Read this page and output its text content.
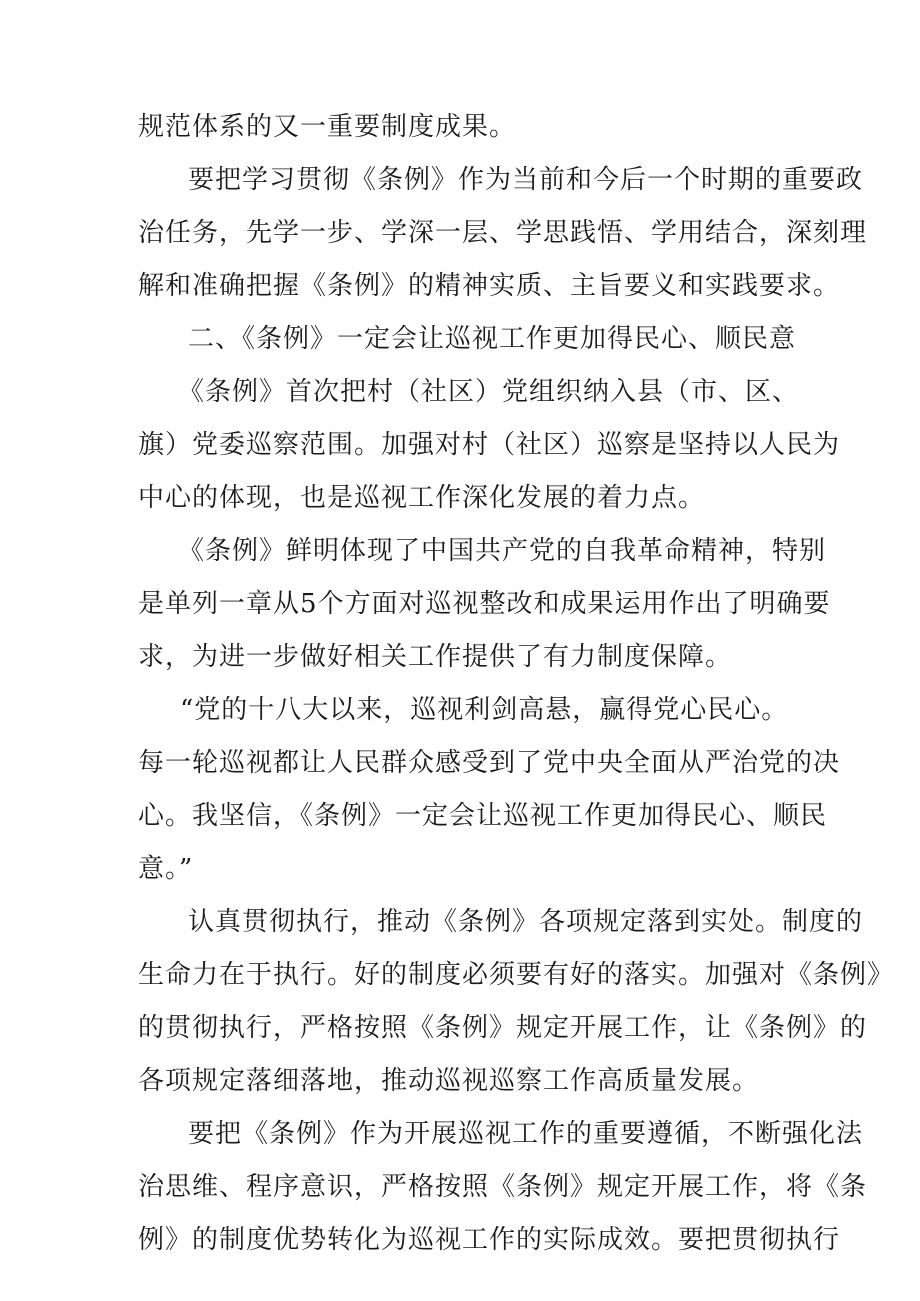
规范体系的又一重要制度成果。
要把学习贯彻《条例》作为当前和今后一个时期的重要政
治任务，先学一步、学深一层、学思践悟、学用结合，深刻理
解和准确把握《条例》的精神实质、主旨要义和实践要求。
二、《条例》一定会让巡视工作更加得民心、顺民意
《条例》首次把村（社区）党组织纳入县（市、区、
旗）党委巡察范围。加强对村（社区）巡察是坚持以人民为
中心的体现，也是巡视工作深化发展的着力点。
《条例》鲜明体现了中国共产党的自我革命精神，特别
是单列一章从5个方面对巡视整改和成果运用作出了明确要
求，为进一步做好相关工作提供了有力制度保障。
“党的十八大以来，巡视利剑高悬，赢得党心民心。
每一轮巡视都让人民群众感受到了党中央全面从严治党的决
心。我坚信，《条例》一定会让巡视工作更加得民心、顺民
意。”
认真贯彻执行，推动《条例》各项规定落到实处。制度的
生命力在于执行。好的制度必须要有好的落实。加强对《条例》
的贯彻执行，严格按照《条例》规定开展工作，让《条例》的
各项规定落细落地，推动巡视巡察工作高质量发展。
要把《条例》作为开展巡视工作的重要遵循，不断强化法
治思维、程序意识，严格按照《条例》规定开展工作，将《条
例》的制度优势转化为巡视工作的实际成效。要把贯彻执行
